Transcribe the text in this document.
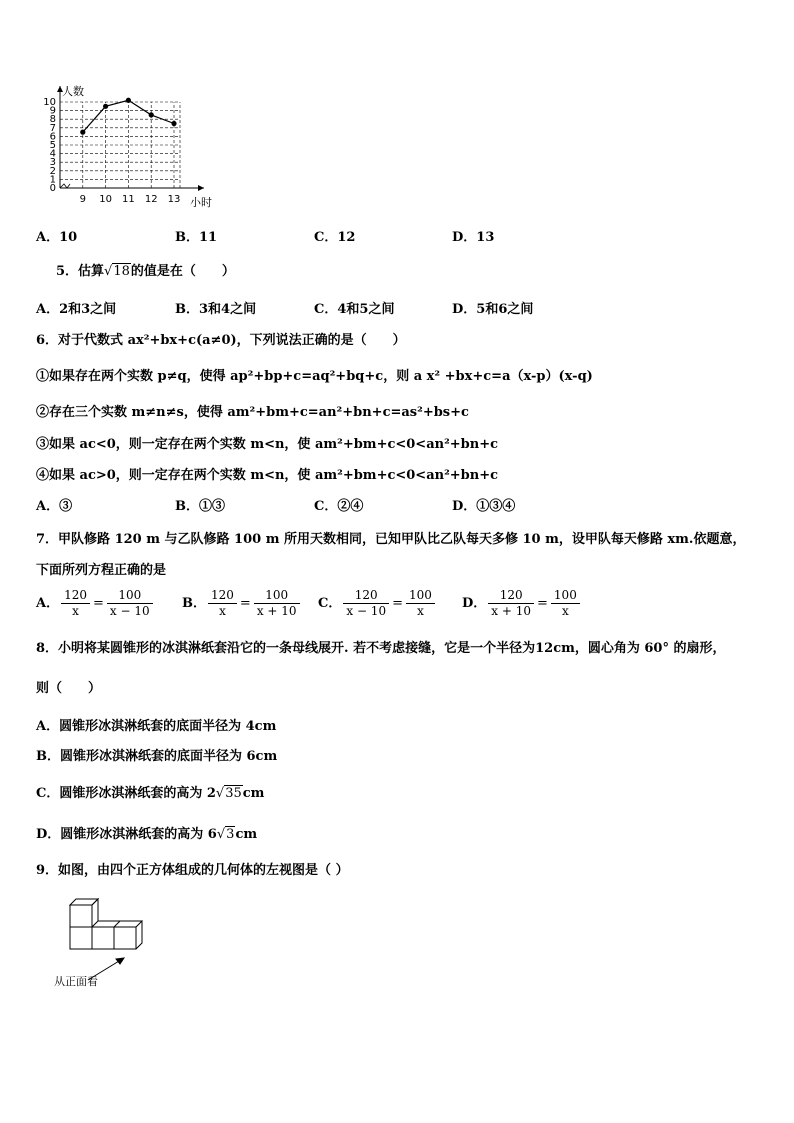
0
1
2
3
4
5
6
7
8
9
10
9 10 11 12 13
人数
小时
A．10	B．11	C．12	D．13
5．估算√18的值是在（　　）
A．2和3之间	B．3和4之间	C．4和5之间	D．5和6之间
6．对于代数式 ax²+bx+c(a≠0)，下列说法正确的是（　　）
①如果存在两个实数 p≠q，使得 ap²+bp+c=aq²+bq+c，则 a x² +bx+c=a（x-p）(x-q)
②存在三个实数 m≠n≠s，使得 am²+bm+c=an²+bn+c=as²+bs+c
③如果 ac<0，则一定存在两个实数 m<n，使 am²+bm+c<0<an²+bn+c
④如果 ac>0，则一定存在两个实数 m<n，使 am²+bm+c<0<an²+bn+c
A．③	B．①③	C．②④	D．①③④
7．甲队修路 120 m 与乙队修路 100 m 所用天数相同，已知甲队比乙队每天多修 10 m，设甲队每天修路 xm.依题意，
下面所列方程正确的是
A． $\frac{120}{x} = \frac{100}{x - 10}$ B． $\frac{120}{x} = \frac{100}{x + 10}$ C． $\frac{120}{x - 10} = \frac{100}{x}$ D． $\frac{120}{x + 10} = \frac{100}{x}$
8．小明将某圆锥形的冰淇淋纸套沿它的一条母线展开. 若不考虑接缝，它是一个半径为12cm，圆心角为 60° 的扇形，
则（　　）
A．圆锥形冰淇淋纸套的底面半径为 4cm
B．圆锥形冰淇淋纸套的底面半径为 6cm
C．圆锥形冰淇淋纸套的高为 2√35cm
D．圆锥形冰淇淋纸套的高为 6√3cm
9．如图，由四个正方体组成的几何体的左视图是（ ）
从正面看
